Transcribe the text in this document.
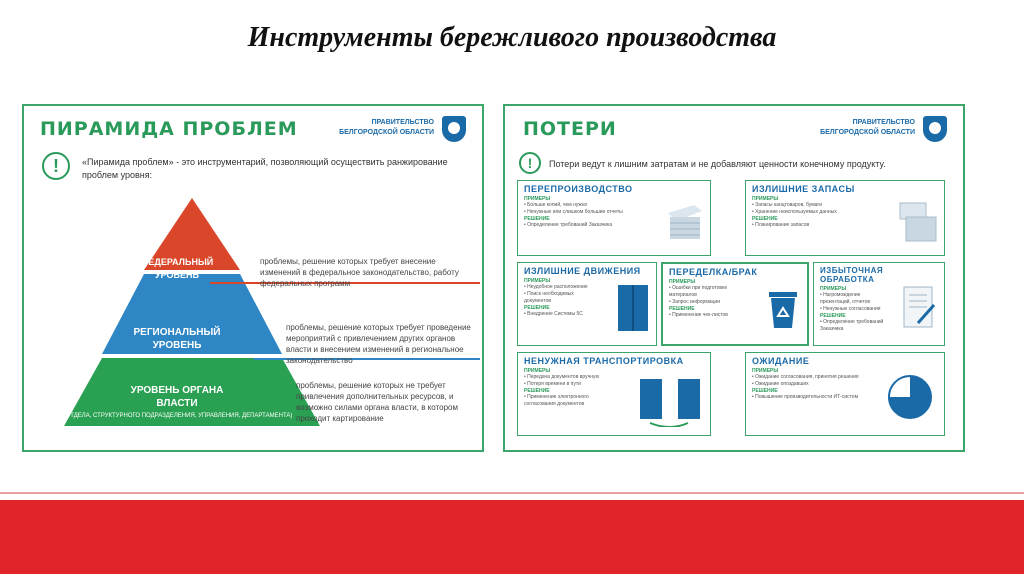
Инструменты бережливого производства
ПИРАМИДА ПРОБЛЕМ	ПРАВИТЕЛЬСТВО БЕЛГОРОДСКОЙ ОБЛАСТИ
!	«Пирамида проблем» - это инструментарий, позволяющий осуществить ранжирование проблем уровня:
ФЕДЕРАЛЬНЫЙ УРОВЕНЬ
РЕГИОНАЛЬНЫЙ УРОВЕНЬ
УРОВЕНЬ ОРГАНА ВЛАСТИ
(ОТДЕЛА, СТРУКТУРНОГО ПОДРАЗДЕЛЕНИЯ, УПРАВЛЕНИЯ, ДЕПАРТАМЕНТА)
проблемы, решение которых требует внесение изменений в федеральное законодательство, работу федеральных программ
проблемы, решение которых требует проведение мероприятий с привлечением других органов власти и внесением изменений в региональное законодательство
проблемы, решение которых не требует привлечения дополнительных ресурсов, и возможно силами органа власти, в котором проходит картирование
ПОТЕРИ	ПРАВИТЕЛЬСТВО БЕЛГОРОДСКОЙ ОБЛАСТИ
!	Потери ведут к лишним затратам и не добавляют ценности конечному продукту.
ПЕРЕПРОИЗВОДСТВО
ПРИМЕРЫ
• Больше копий, чем нужно
• Ненужные или слишком большие отчеты
РЕШЕНИЕ
• Определение требований Заказчика
ИЗЛИШНИЕ ЗАПАСЫ
ПРИМЕРЫ
• Запасы канцтоваров, бумаги
• Хранение неиспользуемых данных
РЕШЕНИЕ
• Планирование запасов
ИЗЛИШНИЕ ДВИЖЕНИЯ
ПРИМЕРЫ
• Неудобное расположение
• Поиск необходимых документов
РЕШЕНИЕ
• Внедрение Системы 5С
ПЕРЕДЕЛКА/БРАК
ПРИМЕРЫ
• Ошибки при подготовке материалов
• Запрос информации
РЕШЕНИЕ
• Применение чек-листов
ИЗБЫТОЧНАЯ ОБРАБОТКА
ПРИМЕРЫ
• Нагромождение презентаций, отчетов
• Ненужные согласования
РЕШЕНИЕ
• Определение требований Заказчика
НЕНУЖНАЯ ТРАНСПОРТИРОВКА
ПРИМЕРЫ
• Передача документов вручную
• Потеря времени в пути
РЕШЕНИЕ
• Применение электронного согласования документов
ОЖИДАНИЕ
ПРИМЕРЫ
• Ожидание согласования, принятия решения
• Ожидание опоздавших
РЕШЕНИЕ
• Повышение производительности ИТ-систем
